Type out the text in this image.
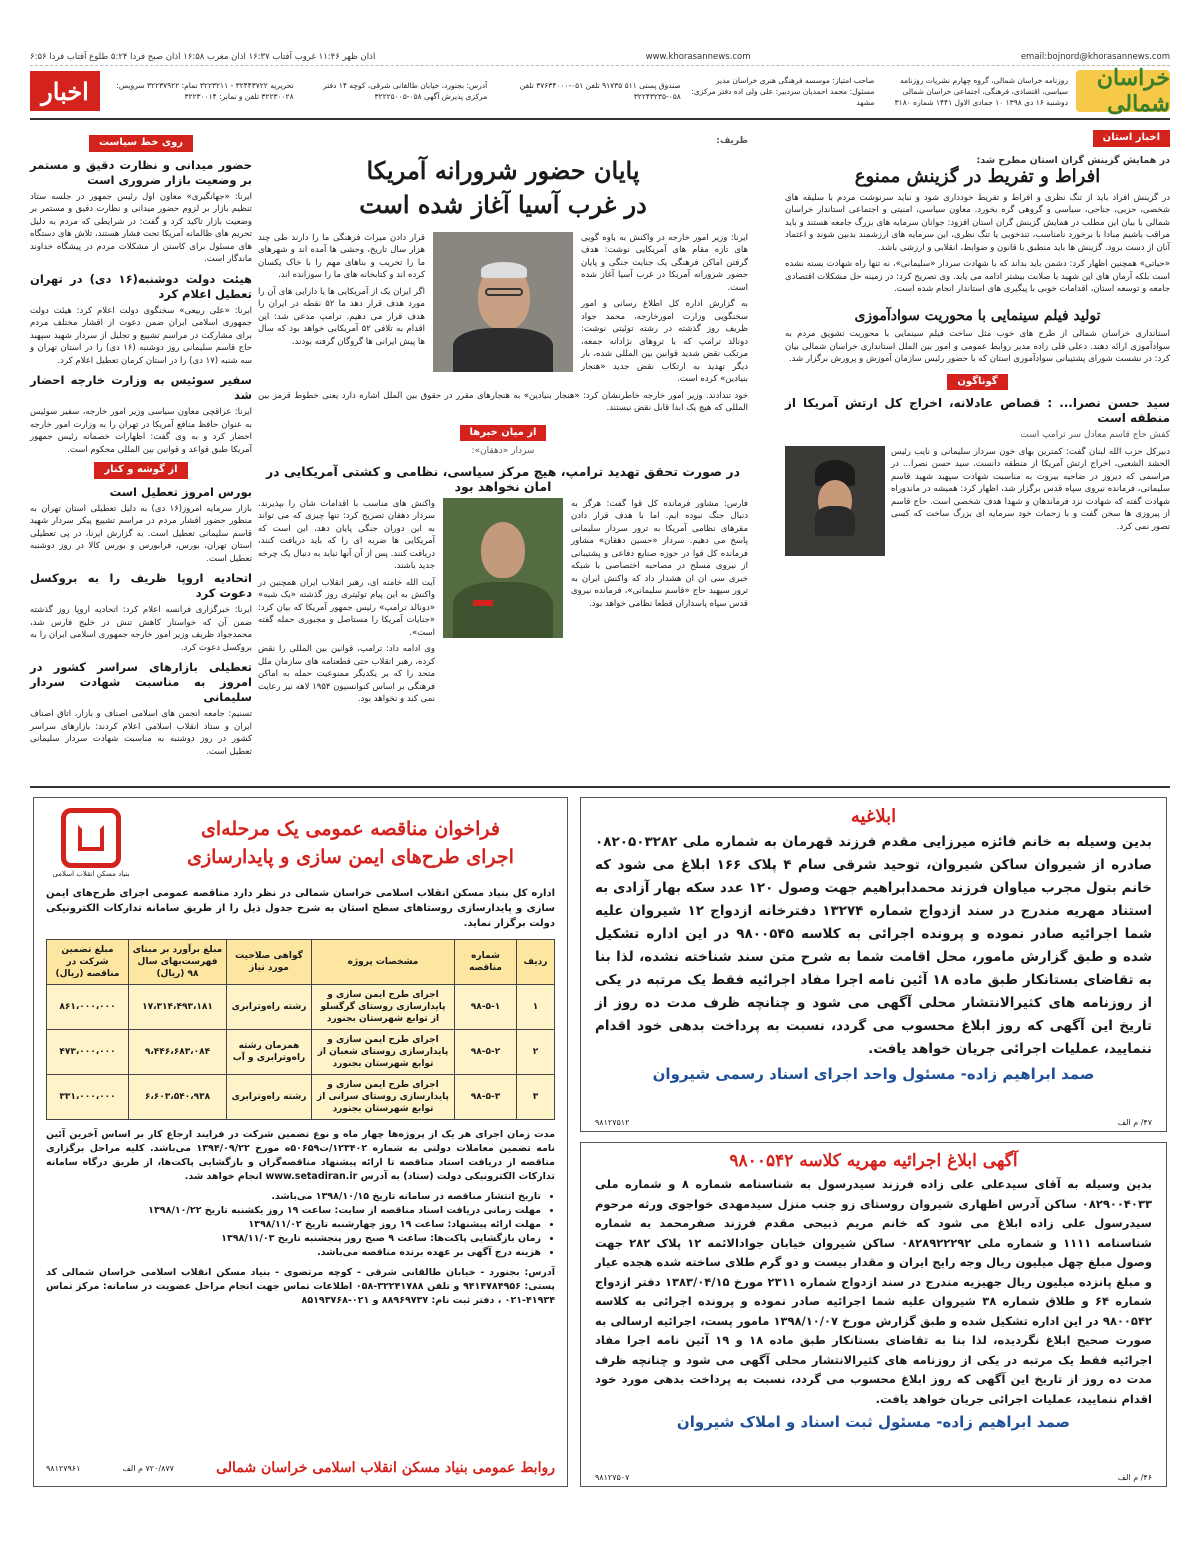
email:bojnord@khorasannews.com
www.khorasannews.com
اذان ظهر ۱۱:۴۶ غروب آفتاب ۱۶:۳۷ اذان مغرب ۱۶:۵۸ اذان صبح فردا ۵:۲۴ طلوع آفتاب فردا ۶:۵۶
خراسان شمالی
روزنامه خراسان شمالی، گروه چهارم نشریات روزنامه سیاسی، اقتصادی، فرهنگی، اجتماعی خراسان شمالی دوشنبه ۱۶ دی ۱۳۹۸ ۱۰ جمادی الاول ۱۴۴۱ شماره ۳۱۸۰
صاحب امتیاز: موسسه فرهنگی هنری خراسان مدیر مسئول: محمد احمدیان سردبیر: علی ولی اده دفتر مرکزی: مشهد
صندوق پستی ۵۱۱ ۹۱۷۳۵ تلفن ۰۵۱-۳۷۶۳۴۰۰۰ تلفن ۰۵۸-۳۲۲۴۳۲۳۵
آدرس: بجنورد، خیابان طالقانی شرقی، کوچه ۱۴ دفتر مرکزی پذیرش آگهی ۰۵۸-۳۲۲۲۵۰۰۵
تحریریه ۳۲۴۴۳۷۲۲ - ۳۲۲۳۲۱۱ تمام: ۳۲۲۳۷۹۲۲ سرویس: ۳۲۲۳۰۰۲۸ تلفن و نمابر: ۳۲۲۳۰۰۱۴
اخبار
اخبار استان
در همایش گزینش گران استان مطرح شد:
افراط و تفریط در گزینش ممنوع

در گزینش افراد باید از تنگ نظری و افراط و تفریط خودداری شود و نباید سرنوشت مردم با سلیقه های شخصی، حزبی، جناحی، سیاسی و گروهی گره بخورد. معاون سیاسی، امنیتی و اجتماعی استاندار خراسان شمالی با بیان این مطلب در همایش گزینش گران استان افزود: جوانان سرمایه های بزرگ جامعه هستند و باید مراقب باشیم مبادا با برخورد نامناسب، تندخویی یا تنگ نظری، این سرمایه های ارزشمند بدبین شوند و اعتماد آنان از دست برود. گزینش ها باید منطبق با قانون و ضوابط، انقلابی و ارزشی باشد.

«حیاتی» همچنین اظهار کرد: دشمن باید بداند که با شهادت سردار «سلیمانی»، نه تنها راه شهادت بسته نشده است بلکه آرمان های این شهید با صلابت بیشتر ادامه می یابد. وی تصریح کرد: در زمینه حل مشکلات اقتصادی جامعه و توسعه استان، اقدامات خوبی با پیگیری های استاندار انجام شده است.

تولید فیلم سینمایی با محوریت سوادآموزی

استانداری خراسان شمالی از طرح های خوب مثل ساخت فیلم سینمایی با محوریت تشویق مردم به سوادآموزی ارائه دهند. دعلی قلی زاده مدیر روابط عمومی و امور بین الملل استانداری خراسان شمالی بیان کرد: در نشست شورای پشتیبانی سوادآموزی استان که با حضور رئیس سازمان آموزش و پرورش برگزار شد.

گوناگون
سید حسن نصرا... : قصاص عادلانه، اخراج کل ارتش آمریکا از منطقه است
کفش حاج قاسم معادل سر ترامپ است

دبیرکل حزب الله لبنان گفت: کمترین بهای خون سردار سلیمانی و نایب رئیس الحشد الشعبی، اخراج ارتش آمریکا از منطقه دانست. سید حسن نصرا... در مراسمی که دیروز در ضاحیه بیروت به مناسبت شهادت سپهبد شهید قاسم سلیمانی، فرمانده نیروی سپاه قدس برگزار شد، اظهار کرد: همیشه در ماندوراه شهادت گفته که شهادت نزد فرماندهان و شهدا هدف شخصی است. حاج قاسم از پیروزی ها سخن گفت و با زحمات خود سرمایه ای بزرگ ساخت که کسی تصور نمی کرد.

ظریف:
پایان حضور شرورانه آمریکا
در غرب آسیا آغاز شده است

ایرنا: وزیر امور خارجه در واکنش به یاوه گویی های تازه مقام های آمریکایی نوشت: هدف گرفتن اماکن فرهنگی یک جنایت جنگی و پایان حضور شرورانه آمریکا در غرب آسیا آغاز شده است.

به گزارش اداره کل اطلاع رسانی و امور سخنگویی وزارت امورخارجه، محمد جواد ظریف روز گذشته در رشته توئیتی نوشت: دونالد ترامپ که با تروهای نژادانه جمعه، مرتکب نقض شدید قوانین بین المللی شده، بار دیگر تهدید به ارتکاب نقض جدید «هنجار بنیادین» کرده است.

قرار دادن میراث فرهنگی ما را دارند طی چند هزار سال تاریخ، وحشی ها آمده اند و شهرهای ما را تخریب و بناهای مهم را با خاک یکسان کرده اند و کتابخانه های ما را سوزانده اند.

اگر ایران یک از آمریکایی ها یا دارایی های آن را مورد هدف قرار دهد ما ۵۲ نقطه در ایران را هدف قرار می دهیم. ترامپ مدعی شد: این اقدام به تلافی ۵۲ آمریکایی خواهد بود که سال ها پیش ایرانی ها گروگان گرفته بودند.

خود تندادند. وزیر امور خارجه خاطرنشان کرد: «هنجار بنیادین» به هنجارهای مقرر در حقوق بین الملل اشاره دارد یعنی خطوط قرمز بین المللی که هیچ یک ابدا قابل نقض نیستند.

از میان خبرها
سردار «دهقان»:
در صورت تحقق تهدید ترامپ، هیچ مرکز سیاسی، نظامی و کشتی آمریکایی در امان نخواهد بود

فارس: مشاور فرمانده کل قوا گفت: هرگز به دنبال جنگ نبوده ایم. اما با هدف قرار دادن مقرهای نظامی آمریکا به ترور سردار سلیمانی پاسخ می دهیم. سردار «حسین دهقان» مشاور فرمانده کل قوا در حوزه صنایع دفاعی و پشتیبانی از نیروی مسلح در مصاحبه اختصاصی با شبکه خبری سی ان ان هشدار داد که واکنش ایران به ترور سپهبد حاج «قاسم سلیمانی»، فرمانده نیروی قدس سپاه پاسداران قطعا نظامی خواهد بود.

واکنش های مناسب با اقدامات شان را بپذیرند. سردار دهقان تصریح کرد: تنها چیزی که می تواند به این دوران جنگی پایان دهد، این است که آمریکایی ها ضربه ای را که باید دریافت کنند، دریافت کنند. پس از آن آنها نباید به دنبال یک چرخه جدید باشند.

آیت الله خامنه ای، رهبر انقلاب ایران همچنین در واکنش به این پیام توئیتری روز گذشته «یک شبه» «دونالد ترامپ» رئیس جمهور آمریکا که بیان کرد: «جنایات آمریکا را مستاصل و مجبوری حمله گفته است».

وی ادامه داد: ترامپ، قوانین بین المللی را نقض کرده، رهبر انقلاب حتی قطعنامه های سازمان ملل متحد را که بر یکدیگر ممنوعیت حمله به اماکن فرهنگی بر اساس کنوانسیون ۱۹۵۴ لاهه نیز رعایت نمی کند و نخواهد بود.

روی خط سیاست
حضور میدانی و نظارت دقیق و مستمر بر وضعیت بازار ضروری است

ایرنا: «جهانگیری» معاون اول رئیس جمهور در جلسه ستاد تنظیم بازار بر لزوم حضور میدانی و نظارت دقیق و مستمر بر وضعیت بازار تاکید کرد و گفت: در شرایطی که مردم به دلیل تحریم های ظالمانه آمریکا تحت فشار هستند، تلاش های دستگاه های مسئول برای کاستن از مشکلات مردم در پیشگاه خداوند ماندگار است.

هیئت دولت دوشنبه(۱۶ دی) در تهران تعطیل اعلام کرد

ایرنا: «علی ربیعی» سخنگوی دولت اعلام کرد: هیئت دولت جمهوری اسلامی ایران ضمن دعوت از اقشار مختلف مردم برای مشارکت در مراسم تشییع و تجلیل از سردار شهید سپهبد حاج قاسم سلیمانی روز دوشنبه (۱۶ دی) را در استان تهران و سه شنبه (۱۷ دی) را در استان کرمان تعطیل اعلام کرد.

سفیر سوئیس به وزارت خارجه احضار شد

ایرنا: عراقچی معاون سیاسی وزیر امور خارجه، سفیر سوئیس به عنوان حافظ منافع آمریکا در تهران را به وزارت امور خارجه احضار کرد و به وی گفت: اظهارات خصمانه رئیس جمهور آمریکا طبق قواعد و قوانین بین المللی محکوم است.

از گوشه و کنار
بورس امروز تعطیل است

بازار سرمایه امروز(۱۶ دی) به دلیل تعطیلی استان تهران به منظور حضور اقشار مردم در مراسم تشییع پیکر سردار شهید قاسم سلیمانی تعطیل است. به گزارش ایرنا، در پی تعطیلی استان تهران، بورس، فرابورس و بورس کالا در روز دوشنبه تعطیل است.

اتحادیه اروپا ظریف را به بروکسل دعوت کرد

ایرنا: خبرگزاری فرانسه اعلام کرد: اتحادیه اروپا روز گذشته ضمن آن که خواستار کاهش تنش در خلیج فارس شد، محمدجواد ظریف وزیر امور خارجه جمهوری اسلامی ایران را به بروکسل دعوت کرد.

تعطیلی بازارهای سراسر کشور در امروز به مناسبت شهادت سردار سلیمانی

تسنیم: جامعه انجمن های اسلامی اصناف و بازار، اتاق اصناف ایران و ستاد انقلاب اسلامی اعلام کردند: بازارهای سراسر کشور در روز دوشنبه به مناسبت شهادت سردار سلیمانی تعطیل است.

فراخوان مناقصه عمومی یک مرحله‌ای
اجرای طرح‌های ایمن سازی و پایدارسازی
بنیاد مسکن انقلاب اسلامی

اداره کل بنیاد مسکن انقلاب اسلامی خراسان شمالی در نظر دارد مناقصه عمومی اجرای طرح‌های ایمن سازی و پایدارسازی روستاهای سطح استان به شرح جدول ذیل را از طریق سامانه تدارکات الکترونیکی دولت برگزار نماید.

ردیف	شماره مناقصه	مشخصات پروژه	گواهی صلاحیت مورد نیاز	مبلغ برآورد بر مبنای فهرست‌بهای سال ۹۸ (ریال)	مبلغ تضمین شرکت در مناقصه (ریال)
۱	۹۸-۵-۱	اجرای طرح ایمن سازی و پایدارسازی روستای گرگسلو از توابع شهرستان بجنورد	رشته راه‌وترابری	۱۷،۳۱۴،۴۹۳،۱۸۱	۸۶۱،۰۰۰،۰۰۰
۲	۹۸-۵-۲	اجرای طرح ایمن سازی و پایدارسازی روستای شعبان از توابع شهرستان بجنورد	همزمان رشته راه‌وترابری و آب	۹،۴۴۶،۶۸۳،۰۸۴	۴۷۳،۰۰۰،۰۰۰
۳	۹۸-۵-۳	اجرای طرح ایمن سازی و پایدارسازی روستای سرانی از توابع شهرستان بجنورد	رشته راه‌وترابری	۶،۶۰۳،۵۴۰،۹۳۸	۳۳۱،۰۰۰،۰۰۰

مدت زمان اجرای هر یک از پروژه‌ها چهار ماه و نوع تضمین شرکت در فرایند ارجاع کار بر اساس آخرین آئین نامه تضمین معاملات دولتی به شماره ۱۲۳۴۰۲/ت۵۰۶۵۹ه مورخ ۱۳۹۴/۰۹/۲۲ می‌باشد. کلیه مراحل برگزاری مناقصه از دریافت اسناد مناقصه تا ارائه پیشنهاد مناقصه‌گران و بازگشایی پاکت‌ها، از طریق درگاه سامانه تدارکات الکترونیکی دولت (ستاد) به آدرس www.setadiran.ir انجام خواهد شد.

• تاریخ انتشار مناقصه در سامانه تاریخ ۱۳۹۸/۱۰/۱۵ می‌باشد.
• مهلت زمانی دریافت اسناد مناقصه از سایت: ساعت ۱۹ روز یکشنبه تاریخ ۱۳۹۸/۱۰/۲۲
• مهلت ارائه پیشنهاد: ساعت ۱۹ روز چهارشنبه تاریخ ۱۳۹۸/۱۱/۰۲
• زمان بازگشایی پاکت‌ها: ساعت ۹ صبح روز پنجشنبه تاریخ ۱۳۹۸/۱۱/۰۳
• هزینه درج آگهی بر عهده برنده مناقصه می‌باشد.

آدرس: بجنورد - خیابان طالقانی شرقی - کوچه مرتضوی - بنیاد مسکن انقلاب اسلامی خراسان شمالی کد پستی: ۹۴۱۴۷۸۴۹۵۶ و تلفن ۳۲۲۴۱۷۸۸-۰۵۸ اطلاعات تماس جهت انجام مراحل عضویت در سامانه: مرکز تماس ۴۱۹۳۴-۰۲۱ ، دفتر ثبت نام: ۸۸۹۶۹۷۳۷ و ۰۲۱-۸۵۱۹۳۷۶۸

روابط عمومی بنیاد مسکن انقلاب اسلامی خراسان شمالی
۷۲۰/۸۷۷ م الف
۹۸۱۲۷۹۶۱
ابلاغیه

بدین وسیله به خانم فائزه میرزایی مقدم فرزند قهرمان به شماره ملی ۰۸۲۰۵۰۳۲۸۲ صادره از شیروان ساکن شیروان، توحید شرقی سام ۴ پلاک ۱۶۶ ابلاغ می شود که خانم بتول مجرب میاوان فرزند محمدابراهیم جهت وصول ۱۲۰ عدد سکه بهار آزادی به استناد مهریه مندرج در سند ازدواج شماره ۱۳۲۷۴ دفترخانه ازدواج ۱۲ شیروان علیه شما اجرائیه صادر نموده و پرونده اجرائی به کلاسه ۹۸۰۰۵۴۵ در این اداره تشکیل شده و طبق گزارش مامور، محل اقامت شما به شرح متن سند شناخته نشده، لذا بنا به تقاضای بستانکار طبق ماده ۱۸ آئین نامه اجرا مفاد اجرائیه فقط یک مرتبه در یکی از روزنامه های کثیرالانتشار محلی آگهی می شود و چنانچه ظرف مدت ده روز از تاریخ این آگهی که روز ابلاغ محسوب می گردد، نسبت به پرداخت بدهی خود اقدام ننمایید، عملیات اجرائی جریان خواهد یافت.

صمد ابراهیم زاده- مسئول واحد اجرای اسناد رسمی شیروان
۴۷/ م الف
۹۸۱۲۷۵۱۲
آگهی ابلاغ اجرائیه مهریه کلاسه ۹۸۰۰۵۴۲

بدین وسیله به آقای سیدعلی علی زاده فرزند سیدرسول به شناسنامه شماره ۸ و شماره ملی ۰۸۲۹۰۰۴۰۳۳ ساکن آدرس اظهاری شیروان روستای زو جنب منزل سیدمهدی خواجوی ورثه مرحوم سیدرسول علی زاده ابلاغ می شود که خانم مریم ذبیحی مقدم فرزند صفرمحمد به شماره شناسنامه ۱۱۱۱ و شماره ملی ۰۸۲۸۹۲۲۲۹۲ ساکن شیروان خیابان جوادالائمه ۱۲ پلاک ۲۸۲ جهت وصول مبلغ چهل میلیون ریال وجه رایج ایران و مقدار بیست و دو گرم طلای ساخته شده هجده عیار و مبلغ پانزده میلیون ریال جهیزیه مندرج در سند ازدواج شماره ۲۳۱۱ مورخ ۱۳۸۳/۰۴/۱۵ دفتر ازدواج شماره ۶۴ و طلاق شماره ۳۸ شیروان علیه شما اجرائیه صادر نموده و پرونده اجرائی به کلاسه ۹۸۰۰۵۴۲ در این اداره تشکیل شده و طبق گزارش مورخ ۱۳۹۸/۱۰/۰۷ مامور پست، اجرائیه ارسالی به صورت صحیح ابلاغ نگردیده، لذا بنا به تقاضای بستانکار طبق ماده ۱۸ و ۱۹ آئین نامه اجرا مفاد اجرائیه فقط یک مرتبه در یکی از روزنامه های کثیرالانتشار محلی آگهی می شود و چنانچه ظرف مدت ده روز از تاریخ این آگهی که روز ابلاغ محسوب می گردد، نسبت به پرداخت بدهی مورد خود اقدام ننمایید، عملیات اجرائی جریان خواهد یافت.

صمد ابراهیم زاده- مسئول ثبت اسناد و املاک شیروان
۴۶/ م الف
۹۸۱۲۷۵۰۷
